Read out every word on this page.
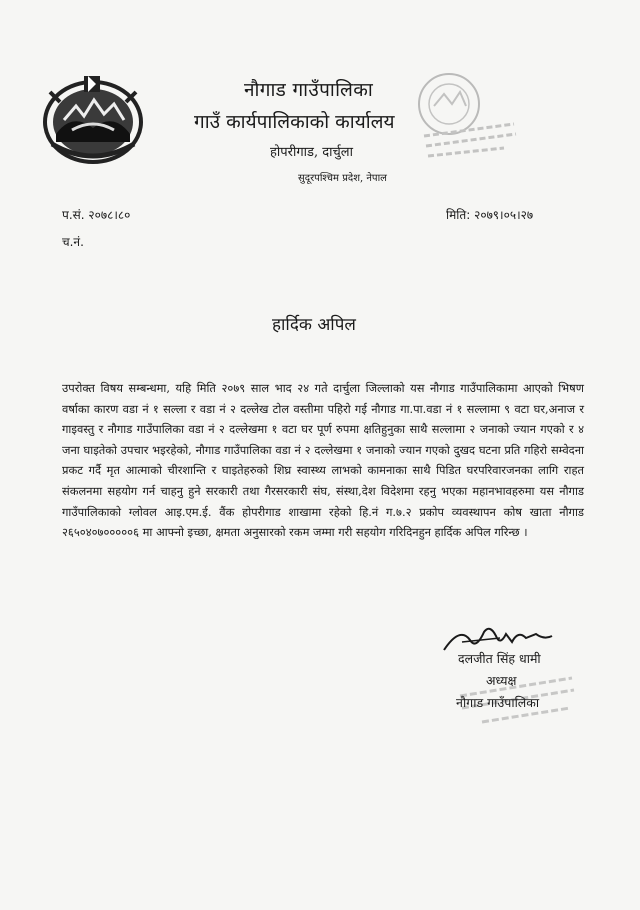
नौगाड गाउँपालिका
गाउँ कार्यपालिकाको कार्यालय
होपरीगाड, दार्चुला
सुदूरपश्चिम प्रदेश, नेपाल
प.सं. २०७८।८०
च.नं.
मिति: २०७९।०५।२७
हार्दिक अपिल
उपरोक्त विषय सम्बन्धमा, यहि मिति २०७९ साल भाद २४ गते दार्चुला जिल्लाको यस नौगाड गाउँपालिकामा आएको भिषण वर्षाका कारण वडा नं १ सल्ला र वडा नं २ दल्लेख टोल वस्तीमा पहिरो गई नौगाड गा.पा.वडा नं १ सल्लामा ९ वटा घर,अनाज र गाइवस्तु र नौगाड गाउँपालिका वडा नं २ दल्लेखमा १ वटा घर पूर्ण रुपमा क्षतिहुनुका साथै सल्लामा २ जनाको ज्यान गएको र ४ जना घाइतेको उपचार भइरहेको, नौगाड गाउँपालिका वडा नं २ दल्लेखमा १ जनाको ज्यान गएको दुखद घटना प्रति गहिरो सम्वेदना प्रकट गर्दै मृत आत्माको चीरशान्ति र घाइतेहरुको शिघ्र स्वास्थ्य लाभको कामनाका साथै पिडित घरपरिवारजनका लागि राहत संकलनमा सहयोग गर्न चाहनु हुने सरकारी तथा गैरसरकारी संघ, संस्था,देश विदेशमा रहनु भएका महानभावहरुमा यस नौगाड गाउँपालिकाको ग्लोवल आइ.एम.ई. वैंक होपरीगाड शाखामा रहेको हि.नं ग.७.२ प्रकोप व्यवस्थापन कोष खाता नौगाड २६५०४०७०००००६ मा आफ्नो इच्छा, क्षमता अनुसारको रकम जम्मा गरी सहयोग गरिदिनहुन हार्दिक अपिल गरिन्छ ।
दलजीत सिंह धामी
अध्यक्ष
नौगाड गाउँपालिका
